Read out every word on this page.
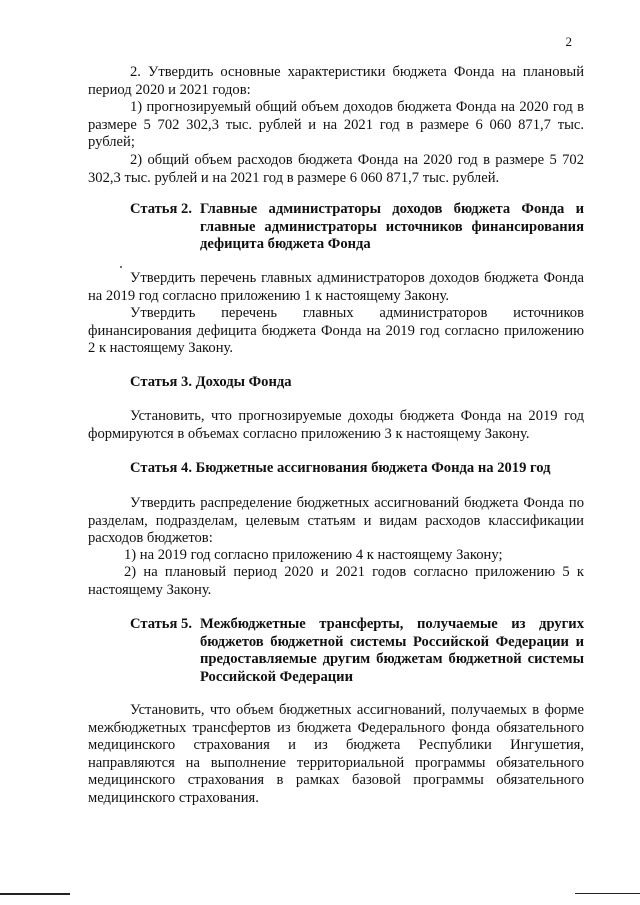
2

2. Утвердить основные характеристики бюджета Фонда на плановый период 2020 и 2021 годов:

1) прогнозируемый общий объем доходов бюджета Фонда на 2020 год в размере 5 702 302,3 тыс. рублей и на 2021 год в размере 6 060 871,7 тыс. рублей;

2) общий объем расходов бюджета Фонда на 2020 год в размере 5 702 302,3 тыс. рублей и на 2021 год в размере 6 060 871,7 тыс. рублей.

Статья 2. Главные администраторы доходов бюджета Фонда и главные администраторы источников финансирования дефицита бюджета Фонда

Утвердить перечень главных администраторов доходов бюджета Фонда на 2019 год согласно приложению 1 к настоящему Закону.

Утвердить перечень главных администраторов источников финансирования дефицита бюджета Фонда на 2019 год согласно приложению 2 к настоящему Закону.

Статья 3. Доходы Фонда

Установить, что прогнозируемые доходы бюджета Фонда на 2019 год формируются в объемах согласно приложению 3 к настоящему Закону.

Статья 4. Бюджетные ассигнования бюджета Фонда на 2019 год

Утвердить распределение бюджетных ассигнований бюджета Фонда по разделам, подразделам, целевым статьям и видам расходов классификации расходов бюджетов:

1) на 2019 год согласно приложению 4 к настоящему Закону;

2) на плановый период 2020 и 2021 годов согласно приложению 5 к настоящему Закону.

Статья 5. Межбюджетные трансферты, получаемые из других бюджетов бюджетной системы Российской Федерации и предоставляемые другим бюджетам бюджетной системы Российской Федерации

Установить, что объем бюджетных ассигнований, получаемых в форме межбюджетных трансфертов из бюджета Федерального фонда обязательного медицинского страхования и из бюджета Республики Ингушетия, направляются на выполнение территориальной программы обязательного медицинского страхования в рамках базовой программы обязательного медицинского страхования.
